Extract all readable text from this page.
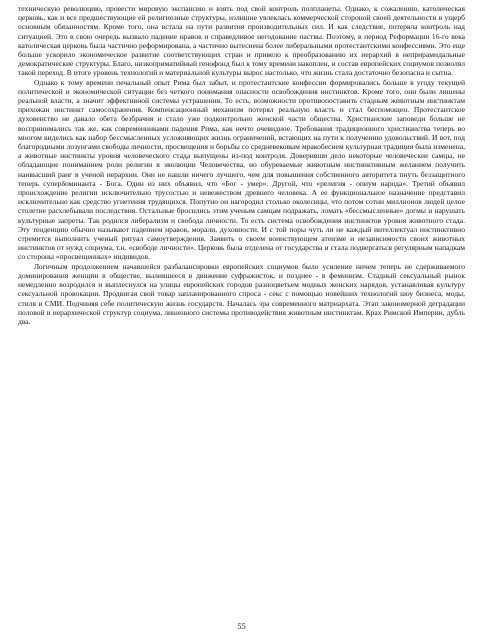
техническую революцию, провести мировую экспансию и взять под свой контроль полпланеты. Однако, к сожалению, католическая церковь, как и все предшествующие ей религиозные структуры, излишне увлеклась коммерческой стороной своей деятельности в ущерб основным обязанностям. Кроме того, она встала на пути развития производительных сил. И как следствие, потеряла контроль над ситуацией. Это в свою очередь вызвало падение нравов и справедливое негодование паствы. Поэтому, в период Реформации 16-го века католическая церковь была частично реформирована, а частично вытеснена более либеральными протестантскими конфессиями. Это еще больше ускорило экономическое развитие соответствующих стран и привело к преобразованию их иерархий в неприрамидальные демократические структуры. Благо, низкоприматийный генофонд был к тому времени накоплен, и состав европейских социумов позволял такой переход. В итоге уровень технологий и материальной культуры вырос настолько, что жизнь стала достаточно безопасна и сытна.

Однако к тому времени печальный опыт Рима был забыт, и протестантские конфессии формировались больше в угоду текущей политической и экономической ситуации без четкого понимания опасности освобождения инстинктов. Кроме того, они были лишены реальной власти, а значит эффективной системы устрашения. То есть, возможности противопоставить стадным животным инстинктам прихожан инстинкт самосохранения. Компенсационный механизм потерял реальную власть и стал беспомощен. Протестантское духовенство не давало обета безбрачия и стало уже подконтрольно женской части общества. Христианские заповеди больше не воспринимались так же, как современниками падения Рима, как нечто очевидное. Требования традиционного христианства теперь во многом виделись как набор бессмысленных усложняющих жизнь ограничений, встающих на пути к получению удовольствий. И вот, под благородными лозунгами свободы личности, просвещения и борьбы со средневековым мракобесием культурная традиция была изменена, а животные инстинкты уровня человеческого стада выпущены из-под контроля. Доверивши дело некоторые человеческие самцы, не обладающие пониманием роли религии в эволюции Человечества, но обуреваемые животным инстинктивным желанием получить наивысший ранг в ученой иерархии. Они не нашли ничего лучшего, чем для повышения собственного авторитета пнуть беззащитного теперь суперδоминанта - Бога. Один из них объявил, что «Бог - умер». Другой, что «религия - опиум народа». Третий объявил происхождение религии исключительно трусостью и невежеством древнего человека. А ее функциональное назначение представил исключительно как средство угнетения трудящихся. Попутно он нагородил столько околесицы, что потом сотни миллионов людей целое столетие расхлебывали последствия. Остальные бросились этим ученым самцам подражать, ломать «бессмысленные» догмы и нарушать культурные запреты. Так родился либерализм и свобода личности. То есть система освобождения инстинктов уровня животного стада. Эту тенденцию обычно называют падением нравов, морали, духовности. И с той поры чуть ли не каждый интеллектуал инстинктивно стремится выполнить ученый ритуал самоутверждения. Заявить о своем воинствующем атеизме и независимости своих животных инстинктов от нужд социума, т.н. «свободе личности». Церковь была отделена от государства и стала подвергаться регулярным нападкам со стороны «просвещенных» индивидов.

Логичным продолжением начавшейся разбалансировки европейских социумов было усиление ничем теперь не сдерживаемого доминирования женщин в обществе, вылившееся в движение суфражисток, и позднее - в феминизм. Стадный сексуальный рынок немедленно возродился и выплеснулся на улицы европейских городов разноцветьем модных женских нарядов, устанавливая культуру сексуальной провокации. Продвигая свой товар запланированного спроса - секс с помощью новейших технологий шоу бизнеса, моды, стиля и СМИ. Подчиняя себе политическую жизнь государств. Началась эра современного матриархата. Этап закономерной деградации половой и иерархической структур социума, лишенного системы противодействия животным инстинктам. Крах Римской Империи, дубль два.

55
